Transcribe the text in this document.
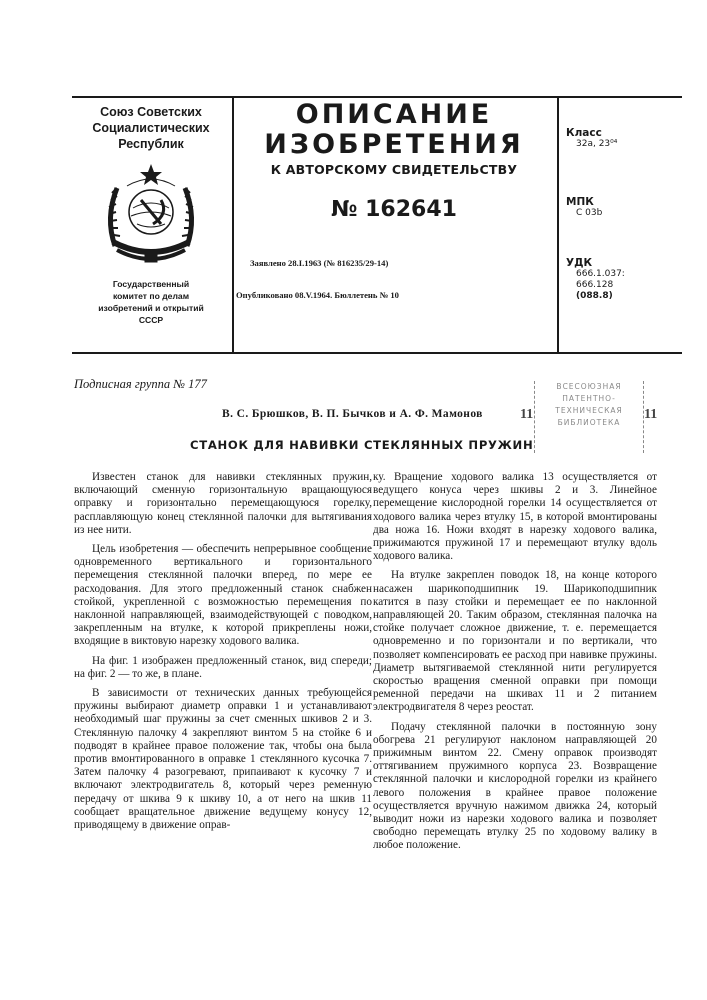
Союз Советских
Социалистических
Республик
Государственный
комитет по делам
изобретений и открытий
СССР
ОПИСАНИЕ
ИЗОБРЕТЕНИЯ
К АВТОРСКОМУ СВИДЕТЕЛЬСТВУ
№ 162641
Заявлено 28.I.1963 (№ 816235/29-14)
Опубликовано 08.V.1964. Бюллетень № 10
Класс
32а, 23⁰⁴
МПК
С 03b
УДК
666.1.037:
666.128
(088.8)
Подписная группа № 177	ВСЕСОЮЗНАЯ
ПАТЕНТНО-
ТЕХНИЧЕСКАЯ
БИБЛИОТЕКА
11	11
В. С. Брюшков, В. П. Бычков и А. Ф. Мамонов
СТАНОК ДЛЯ НАВИВКИ СТЕКЛЯННЫХ ПРУЖИН

Известен станок для навивки стеклянных пружин, включающий сменную горизонтальную вращающуюся оправку и горизонтально перемещающуюся горелку, расплавляющую конец стеклянной палочки для вытягивания из нее нити.

Цель изобретения — обеспечить непрерывное сообщение одновременного вертикального и горизонтального перемещения стеклянной палочки вперед, по мере ее расходования. Для этого предложенный станок снабжен стойкой, укрепленной с возможностью перемещения по наклонной направляющей, взаимодействующей с поводком, закрепленным на втулке, к которой прикреплены ножи, входящие в виктовую нарезку ходового валика.

На фиг. 1 изображен предложенный станок, вид спереди; на фиг. 2 — то же, в плане.

В зависимости от технических данных требующейся пружины выбирают диаметр оправки 1 и устанавливают необходимый шаг пружины за счет сменных шкивов 2 и 3. Стеклянную палочку 4 закрепляют винтом 5 на стойке 6 и подводят в крайнее правое положение так, чтобы она была против вмонтированного в оправке 1 стеклянного кусочка 7. Затем палочку 4 разогревают, припаивают к кусочку 7 и включают электродвигатель 8, который через ременную передачу от шкива 9 к шкиву 10, а от него на шкив 11 сообщает вращательное движение ведущему конусу 12, приводящему в движение оправ-

ку. Вращение ходового валика 13 осуществляется от ведущего конуса через шкивы 2 и 3. Линейное перемещение кислородной горелки 14 осуществляется от ходового валика через втулку 15, в которой вмонтированы два ножа 16. Ножи входят в нарезку ходового валика, прижимаются пружиной 17 и перемещают втулку вдоль ходового валика.

На втулке закреплен поводок 18, на конце которого насажен шарикоподшипник 19. Шарикоподшипник катится в пазу стойки и перемещает ее по наклонной направляющей 20. Таким образом, стеклянная палочка на стойке получает сложное движение, т. е. перемещается одновременно и по горизонтали и по вертикали, что позволяет компенсировать ее расход при навивке пружины. Диаметр вытягиваемой стеклянной нити регулируется скоростью вращения сменной оправки при помощи ременной передачи на шкивах 11 и 2 питанием электродвигателя 8 через реостат.

Подачу стеклянной палочки в постоянную зону обогрева 21 регулируют наклоном направляющей 20 прижимным винтом 22. Смену оправок производят оттягиванием пружимного корпуса 23. Возвращение стеклянной палочки и кислородной горелки из крайнего левого положения в крайнее правое положение осуществляется вручную нажимом движка 24, который выводит ножи из нарезки ходового валика и позволяет свободно перемещать втулку 25 по ходовому валику в любое положение.
